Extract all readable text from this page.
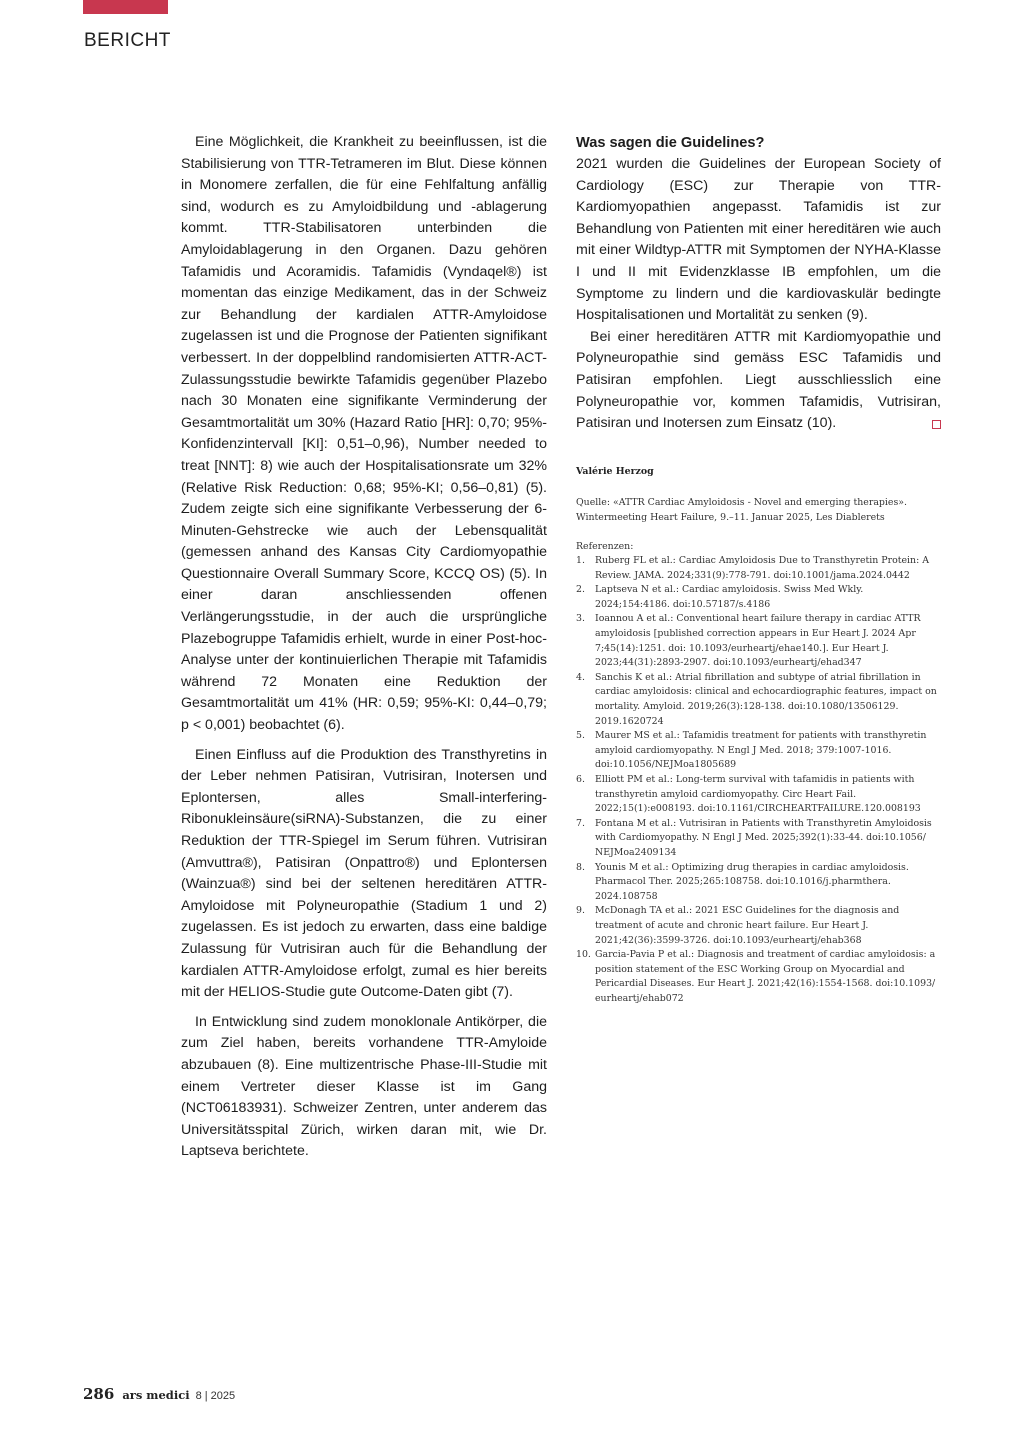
BERICHT

Eine Möglichkeit, die Krankheit zu beeinflussen, ist die Stabilisierung von TTR-Tetrameren im Blut. Diese können in Monomere zerfallen, die für eine Fehlfaltung anfällig sind, wodurch es zu Amyloidbildung und -ablagerung kommt. TTR-Stabilisatoren unterbinden die Amyloidablagerung in den Organen. Dazu gehören Tafamidis und Acoramidis. Tafamidis (Vyndaqel®) ist momentan das einzige Medikament, das in der Schweiz zur Behandlung der kardialen ATTR-Amyloidose zugelassen ist und die Prognose der Patienten signifikant verbessert. In der doppelblind randomisierten ATTR-ACT-Zulassungsstudie bewirkte Tafamidis gegenüber Plazebo nach 30 Monaten eine signifikante Verminderung der Gesamtmortalität um 30% (Hazard Ratio [HR]: 0,70; 95%-Konfidenzintervall [KI]: 0,51–0,96), Number needed to treat [NNT]: 8) wie auch der Hospitalisationsrate um 32% (Relative Risk Reduction: 0,68; 95%-KI; 0,56–0,81) (5). Zudem zeigte sich eine signifikante Verbesserung der 6-Minuten-Gehstrecke wie auch der Lebensqualität (gemessen anhand des Kansas City Cardiomyopathie Questionnaire Overall Summary Score, KCCQ OS) (5). In einer daran anschliessenden offenen Verlängerungsstudie, in der auch die ursprüngliche Plazebogruppe Tafamidis erhielt, wurde in einer Post-hoc-Analyse unter der kontinuierlichen Therapie mit Tafamidis während 72 Monaten eine Reduktion der Gesamtmortalität um 41% (HR: 0,59; 95%-KI: 0,44–0,79; p < 0,001) beobachtet (6).

Einen Einfluss auf die Produktion des Transthyretins in der Leber nehmen Patisiran, Vutrisiran, Inotersen und Eplontersen, alles Small-interfering-Ribonukleinsäure(siRNA)-Substanzen, die zu einer Reduktion der TTR-Spiegel im Serum führen. Vutrisiran (Amvuttra®), Patisiran (Onpattro®) und Eplontersen (Wainzua®) sind bei der seltenen hereditären ATTR-Amyloidose mit Polyneuropathie (Stadium 1 und 2) zugelassen. Es ist jedoch zu erwarten, dass eine baldige Zulassung für Vutrisiran auch für die Behandlung der kardialen ATTR-Amyloidose erfolgt, zumal es hier bereits mit der HELIOS-Studie gute Outcome-Daten gibt (7).

In Entwicklung sind zudem monoklonale Antikörper, die zum Ziel haben, bereits vorhandene TTR-Amyloide abzubauen (8). Eine multizentrische Phase-III-Studie mit einem Vertreter dieser Klasse ist im Gang (NCT06183931). Schweizer Zentren, unter anderem das Universitätsspital Zürich, wirken daran mit, wie Dr. Laptseva berichtete.

Was sagen die Guidelines?

2021 wurden die Guidelines der European Society of Cardiology (ESC) zur Therapie von TTR-Kardiomyopathien angepasst. Tafamidis ist zur Behandlung von Patienten mit einer hereditären wie auch mit einer Wildtyp-ATTR mit Symptomen der NYHA-Klasse I und II mit Evidenzklasse IB empfohlen, um die Symptome zu lindern und die kardiovaskulär bedingte Hospitalisationen und Mortalität zu senken (9).

Bei einer hereditären ATTR mit Kardiomyopathie und Polyneuropathie sind gemäss ESC Tafamidis und Patisiran empfohlen. Liegt ausschliesslich eine Polyneuropathie vor, kommen Tafamidis, Vutrisiran, Patisiran und Inotersen zum Einsatz (10).

Valérie Herzog
Quelle: «ATTR Cardiac Amyloidosis - Novel and emerging therapies». Wintermeeting Heart Failure, 9.–11. Januar 2025, Les Diablerets
Referenzen:
1.	Ruberg FL et al.: Cardiac Amyloidosis Due to Transthyretin Protein: A Review. JAMA. 2024;331(9):778-791. doi:10.1001/jama.2024.0442
2.	Laptseva N et al.: Cardiac amyloidosis. Swiss Med Wkly. 2024;154:4186. doi:10.57187/s.4186
3.	Ioannou A et al.: Conventional heart failure therapy in cardiac ATTR amyloidosis [published correction appears in Eur Heart J. 2024 Apr 7;45(14):1251. doi: 10.1093/eurheartj/ehae140.]. Eur Heart J. 2023;44(31):2893-2907. doi:10.1093/eurheartj/ehad347
4.	Sanchis K et al.: Atrial fibrillation and subtype of atrial fibrillation in cardiac amyloidosis: clinical and echocardiographic features, impact on mortality. Amyloid. 2019;26(3):128-138. doi:10.1080/13506129. 2019.1620724
5.	Maurer MS et al.: Tafamidis treatment for patients with transthyretin amyloid cardiomyopathy. N Engl J Med. 2018; 379:1007-1016. doi:10.1056/NEJMoa1805689
6.	Elliott PM et al.: Long-term survival with tafamidis in patients with transthyretin amyloid cardiomyopathy. Circ Heart Fail. 2022;15(1):e008193. doi:10.1161/CIRCHEARTFAILURE.120.008193
7.	Fontana M et al.: Vutrisiran in Patients with Transthyretin Amyloidosis with Cardiomyopathy. N Engl J Med. 2025;392(1):33-44. doi:10.1056/ NEJMoa2409134
8.	Younis M et al.: Optimizing drug therapies in cardiac amyloidosis. Pharmacol Ther. 2025;265:108758. doi:10.1016/j.pharmthera. 2024.108758
9.	McDonagh TA et al.: 2021 ESC Guidelines for the diagnosis and treatment of acute and chronic heart failure. Eur Heart J. 2021;42(36):3599-3726. doi:10.1093/eurheartj/ehab368
10. Garcia-Pavia P et al.: Diagnosis and treatment of cardiac amyloidosis: a position statement of the ESC Working Group on Myocardial and Pericardial Diseases. Eur Heart J. 2021;42(16):1554-1568. doi:10.1093/ eurheartj/ehab072
286 ars medici 8 | 2025
